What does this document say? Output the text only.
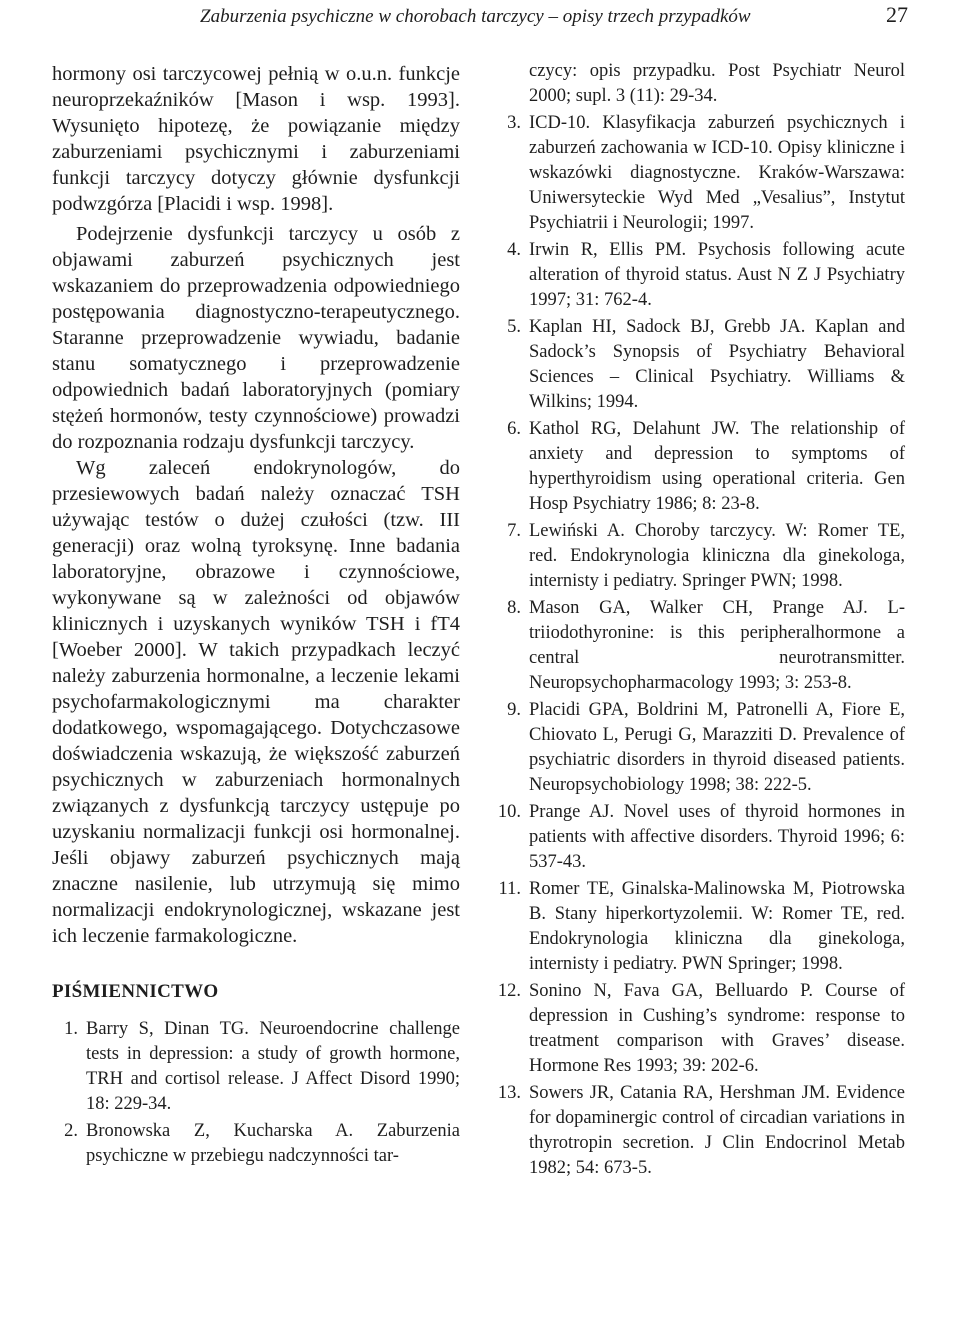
Zaburzenia psychiczne w chorobach tarczycy – opisy trzech przypadków	27

hormony osi tarczycowej pełnią w o.u.n. funkcje neuroprzekaźników [Mason i wsp. 1993]. Wysunięto hipotezę, że powiązanie między zaburzeniami psychicznymi i zaburzeniami funkcji tarczycy dotyczy głównie dysfunkcji podwzgórza [Placidi i wsp. 1998].

Podejrzenie dysfunkcji tarczycy u osób z objawami zaburzeń psychicznych jest wskazaniem do przeprowadzenia odpowiedniego postępowania diagnostyczno-terapeutycznego. Staranne przeprowadzenie wywiadu, badanie stanu somatycznego i przeprowadzenie odpowiednich badań laboratoryjnych (pomiary stężeń hormonów, testy czynnościowe) prowadzi do rozpoznania rodzaju dysfunkcji tarczycy.

Wg zaleceń endokrynologów, do przesiewowych badań należy oznaczać TSH używając testów o dużej czułości (tzw. III generacji) oraz wolną tyroksynę. Inne badania laboratoryjne, obrazowe i czynnościowe, wykonywane są w zależności od objawów klinicznych i uzyskanych wyników TSH i fT4 [Woeber 2000]. W takich przypadkach leczyć należy zaburzenia hormonalne, a leczenie lekami psychofarmakologicznymi ma charakter dodatkowego, wspomagającego. Dotychczasowe doświadczenia wskazują, że większość zaburzeń psychicznych w zaburzeniach hormonalnych związanych z dysfunkcją tarczycy ustępuje po uzyskaniu normalizacji funkcji osi hormonalnej. Jeśli objawy zaburzeń psychicznych mają znaczne nasilenie, lub utrzymują się mimo normalizacji endokrynologicznej, wskazane jest ich leczenie farmakologiczne.

PIŚMIENNICTWO
1. Barry S, Dinan TG. Neuroendocrine challenge tests in depression: a study of growth hormone, TRH and cortisol release. J Affect Disord 1990; 18: 229-34.
2. Bronowska Z, Kucharska A. Zaburzenia psychiczne w przebiegu nadczynności tar-
czycy: opis przypadku. Post Psychiatr Neurol 2000; supl. 3 (11): 29-34.
3. ICD-10. Klasyfikacja zaburzeń psychicznych i zaburzeń zachowania w ICD-10. Opisy kliniczne i wskazówki diagnostyczne. Kraków-Warszawa: Uniwersyteckie Wyd Med „Vesalius”, Instytut Psychiatrii i Neurologii; 1997.
4. Irwin R, Ellis PM. Psychosis following acute alteration of thyroid status. Aust N Z J Psychiatry 1997; 31: 762-4.
5. Kaplan HI, Sadock BJ, Grebb JA. Kaplan and Sadock’s Synopsis of Psychiatry Behavioral Sciences – Clinical Psychiatry. Williams & Wilkins; 1994.
6. Kathol RG, Delahunt JW. The relationship of anxiety and depression to symptoms of hyperthyroidism using operational criteria. Gen Hosp Psychiatry 1986; 8: 23-8.
7. Lewiński A. Choroby tarczycy. W: Romer TE, red. Endokrynologia kliniczna dla ginekologa, internisty i pediatry. Springer PWN; 1998.
8. Mason GA, Walker CH, Prange AJ. L-triiodothyronine: is this peripheralhormone a central neurotransmitter. Neuropsychopharmacology 1993; 3: 253-8.
9. Placidi GPA, Boldrini M, Patronelli A, Fiore E, Chiovato L, Perugi G, Marazziti D. Prevalence of psychiatric disorders in thyroid diseased patients. Neuropsychobiology 1998; 38: 222-5.
10. Prange AJ. Novel uses of thyroid hormones in patients with affective disorders. Thyroid 1996; 6: 537-43.
11. Romer TE, Ginalska-Malinowska M, Piotrowska B. Stany hiperkortyzolemii. W: Romer TE, red. Endokrynologia kliniczna dla ginekologa, internisty i pediatry. PWN Springer; 1998.
12. Sonino N, Fava GA, Belluardo P. Course of depression in Cushing’s syndrome: response to treatment comparison with Graves’ disease. Hormone Res 1993; 39: 202-6.
13. Sowers JR, Catania RA, Hershman JM. Evidence for dopaminergic control of circadian variations in thyrotropin secretion. J Clin Endocrinol Metab 1982; 54: 673-5.
